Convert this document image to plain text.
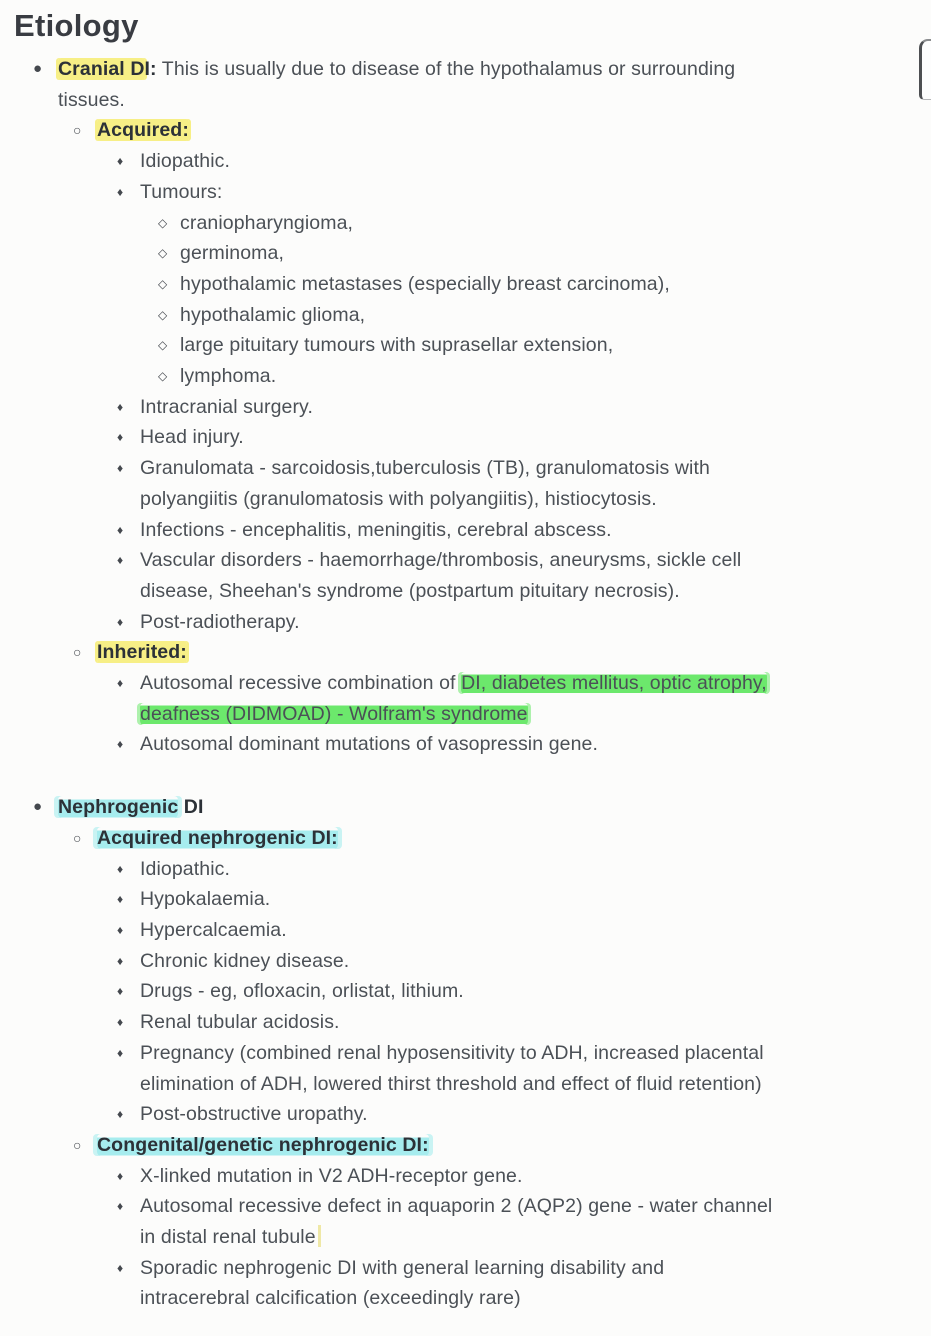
Etiology
● Cranial DI: This is usually due to disease of the hypothalamus or surrounding
tissues.
○ Acquired:
♦ Idiopathic.
♦ Tumours:
◇ craniopharyngioma,
◇ germinoma,
◇ hypothalamic metastases (especially breast carcinoma),
◇ hypothalamic glioma,
◇ large pituitary tumours with suprasellar extension,
◇ lymphoma.
♦ Intracranial surgery.
♦ Head injury.
♦ Granulomata - sarcoidosis,tuberculosis (TB), granulomatosis with
polyangiitis (granulomatosis with polyangiitis), histiocytosis.
♦ Infections - encephalitis, meningitis, cerebral abscess.
♦ Vascular disorders - haemorrhage/thrombosis, aneurysms, sickle cell
disease, Sheehan's syndrome (postpartum pituitary necrosis).
♦ Post-radiotherapy.
○ Inherited:
♦ Autosomal recessive combination of DI, diabetes mellitus, optic atrophy,
deafness (DIDMOAD) - Wolfram's syndrome
♦ Autosomal dominant mutations of vasopressin gene.
● Nephrogenic DI
○ Acquired nephrogenic DI:
♦ Idiopathic.
♦ Hypokalaemia.
♦ Hypercalcaemia.
♦ Chronic kidney disease.
♦ Drugs - eg, ofloxacin, orlistat, lithium.
♦ Renal tubular acidosis.
♦ Pregnancy (combined renal hyposensitivity to ADH, increased placental
elimination of ADH, lowered thirst threshold and effect of fluid retention)
♦ Post-obstructive uropathy.
○ Congenital/genetic nephrogenic DI:
♦ X-linked mutation in V2 ADH-receptor gene.
♦ Autosomal recessive defect in aquaporin 2 (AQP2) gene - water channel
in distal renal tubule
♦ Sporadic nephrogenic DI with general learning disability and
intracerebral calcification (exceedingly rare)
